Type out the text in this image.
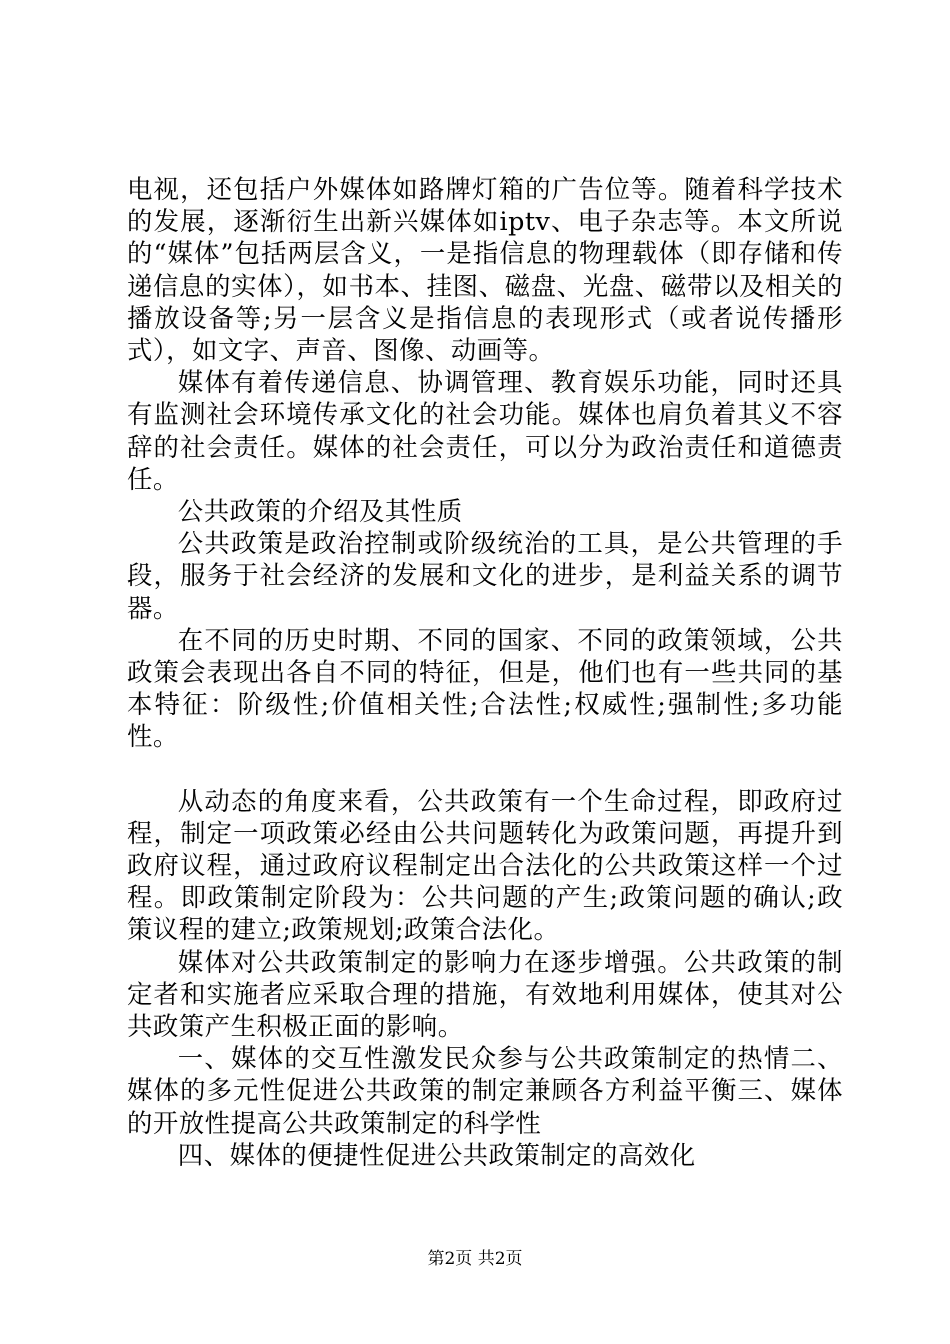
电视，还包括户外媒体如路牌灯箱的广告位等。随着科学技术的发展，逐渐衍生出新兴媒体如iptv、电子杂志等。本文所说的“媒体”包括两层含义，一是指信息的物理载体（即存储和传递信息的实体），如书本、挂图、磁盘、光盘、磁带以及相关的播放设备等;另一层含义是指信息的表现形式（或者说传播形式），如文字、声音、图像、动画等。

媒体有着传递信息、协调管理、教育娱乐功能，同时还具有监测社会环境传承文化的社会功能。媒体也肩负着其义不容辞的社会责任。媒体的社会责任，可以分为政治责任和道德责任。

公共政策的介绍及其性质

公共政策是政治控制或阶级统治的工具，是公共管理的手段，服务于社会经济的发展和文化的进步，是利益关系的调节器。

在不同的历史时期、不同的国家、不同的政策领域，公共政策会表现出各自不同的特征，但是，他们也有一些共同的基本特征：阶级性;价值相关性;合法性;权威性;强制性;多功能性。

从动态的角度来看，公共政策有一个生命过程，即政府过程，制定一项政策必经由公共问题转化为政策问题，再提升到政府议程，通过政府议程制定出合法化的公共政策这样一个过程。即政策制定阶段为：公共问题的产生;政策问题的确认;政策议程的建立;政策规划;政策合法化。

媒体对公共政策制定的影响力在逐步增强。公共政策的制定者和实施者应采取合理的措施，有效地利用媒体，使其对公共政策产生积极正面的影响。

一、媒体的交互性激发民众参与公共政策制定的热情二、媒体的多元性促进公共政策的制定兼顾各方利益平衡三、媒体的开放性提高公共政策制定的科学性

四、媒体的便捷性促进公共政策制定的高效化

第2页 共2页
